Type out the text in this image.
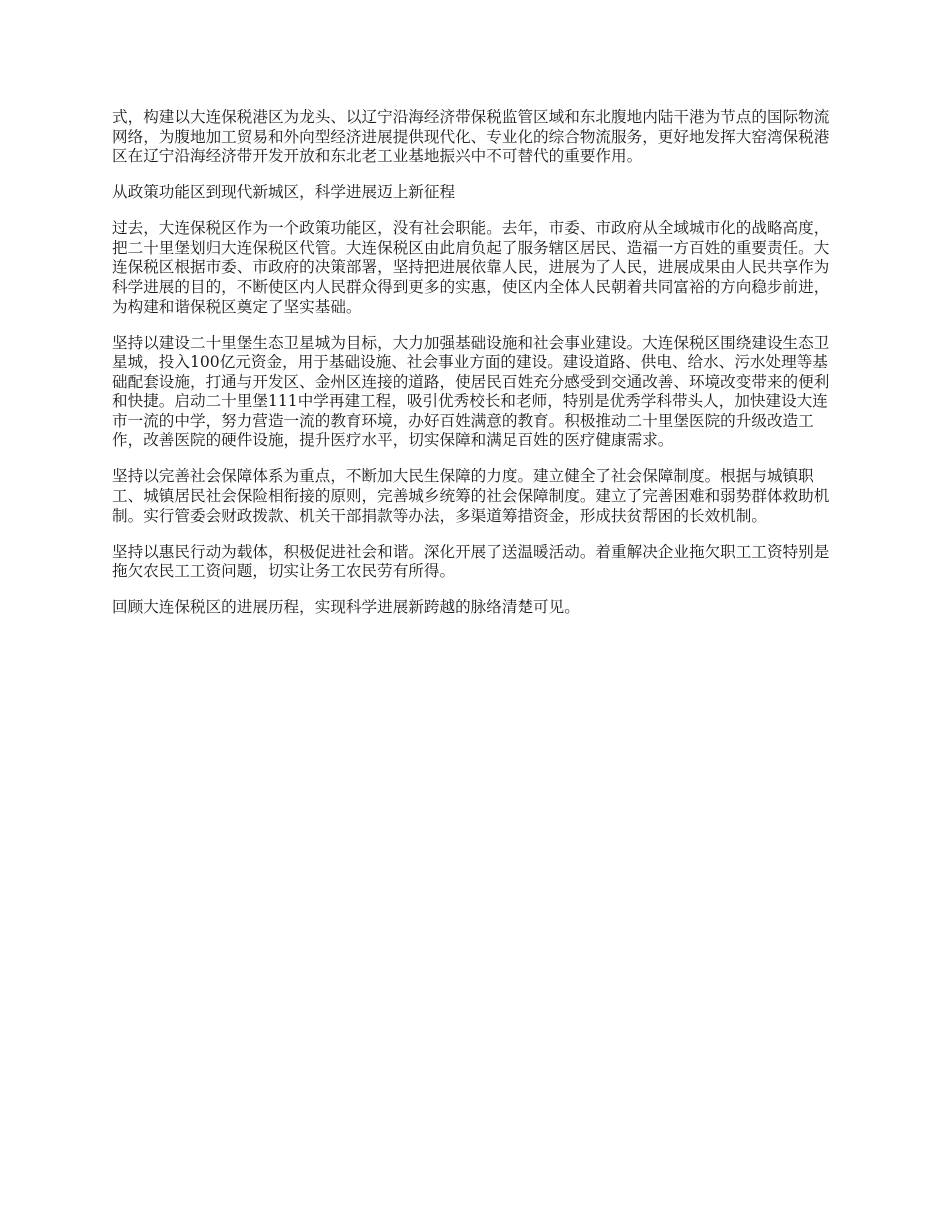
式，构建以大连保税港区为龙头、以辽宁沿海经济带保税监管区域和东北腹地内陆干港为节点的国际物流网络，为腹地加工贸易和外向型经济进展提供现代化、专业化的综合物流服务，更好地发挥大窑湾保税港区在辽宁沿海经济带开发开放和东北老工业基地振兴中不可替代的重要作用。

从政策功能区到现代新城区，科学进展迈上新征程

过去，大连保税区作为一个政策功能区，没有社会职能。去年，市委、市政府从全域城市化的战略高度，把二十里堡划归大连保税区代管。大连保税区由此肩负起了服务辖区居民、造福一方百姓的重要责任。大连保税区根据市委、市政府的决策部署，坚持把进展依靠人民，进展为了人民，进展成果由人民共享作为科学进展的目的，不断使区内人民群众得到更多的实惠，使区内全体人民朝着共同富裕的方向稳步前进，为构建和谐保税区奠定了坚实基础。

坚持以建设二十里堡生态卫星城为目标，大力加强基础设施和社会事业建设。大连保税区围绕建设生态卫星城，投入100亿元资金，用于基础设施、社会事业方面的建设。建设道路、供电、给水、污水处理等基础配套设施，打通与开发区、金州区连接的道路，使居民百姓充分感受到交通改善、环境改变带来的便利和快捷。启动二十里堡111中学再建工程，吸引优秀校长和老师，特别是优秀学科带头人，加快建设大连市一流的中学，努力营造一流的教育环境，办好百姓满意的教育。积极推动二十里堡医院的升级改造工作，改善医院的硬件设施，提升医疗水平，切实保障和满足百姓的医疗健康需求。

坚持以完善社会保障体系为重点，不断加大民生保障的力度。建立健全了社会保障制度。根据与城镇职工、城镇居民社会保险相衔接的原则，完善城乡统筹的社会保障制度。建立了完善困难和弱势群体救助机制。实行管委会财政拨款、机关干部捐款等办法，多渠道筹措资金，形成扶贫帮困的长效机制。

坚持以惠民行动为载体，积极促进社会和谐。深化开展了送温暖活动。着重解决企业拖欠职工工资特别是拖欠农民工工资问题，切实让务工农民劳有所得。

回顾大连保税区的进展历程，实现科学进展新跨越的脉络清楚可见。
